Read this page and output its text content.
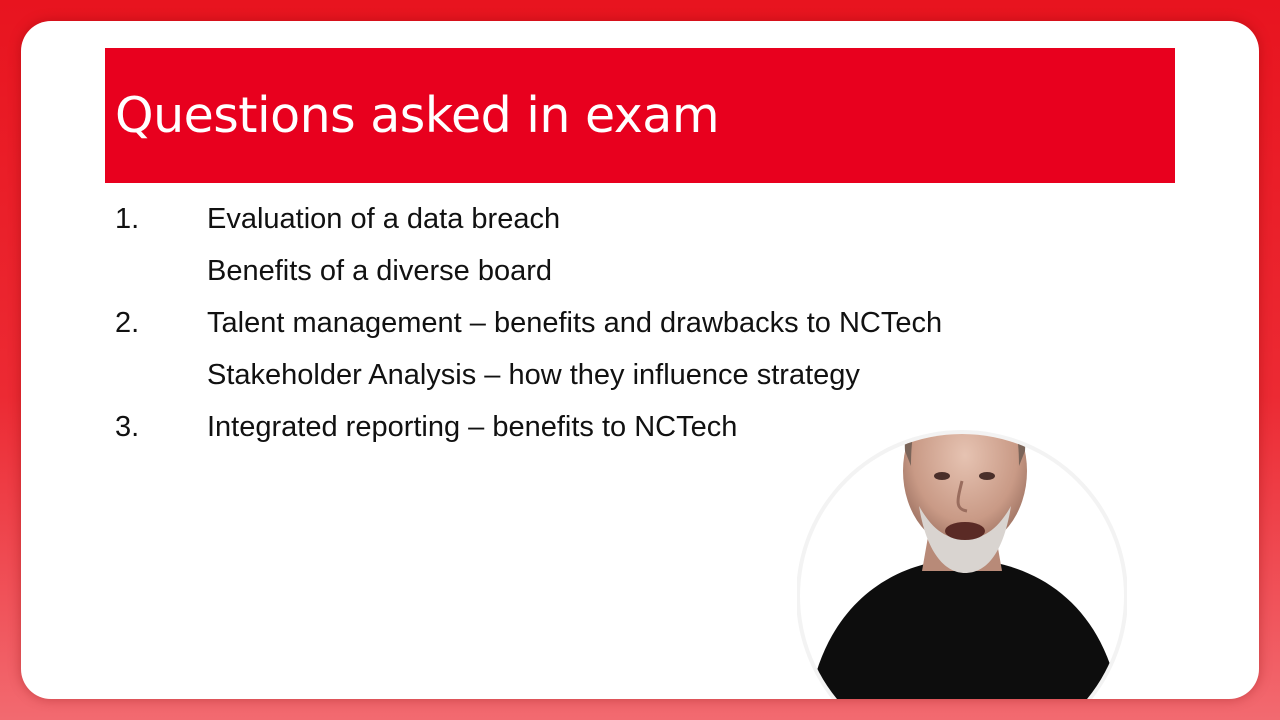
Questions asked in exam
1.	Evaluation of a data breach
Benefits of a diverse board
2.	Talent management – benefits and drawbacks to NCTech
Stakeholder Analysis – how they influence strategy
3.	Integrated reporting – benefits to NCTech
